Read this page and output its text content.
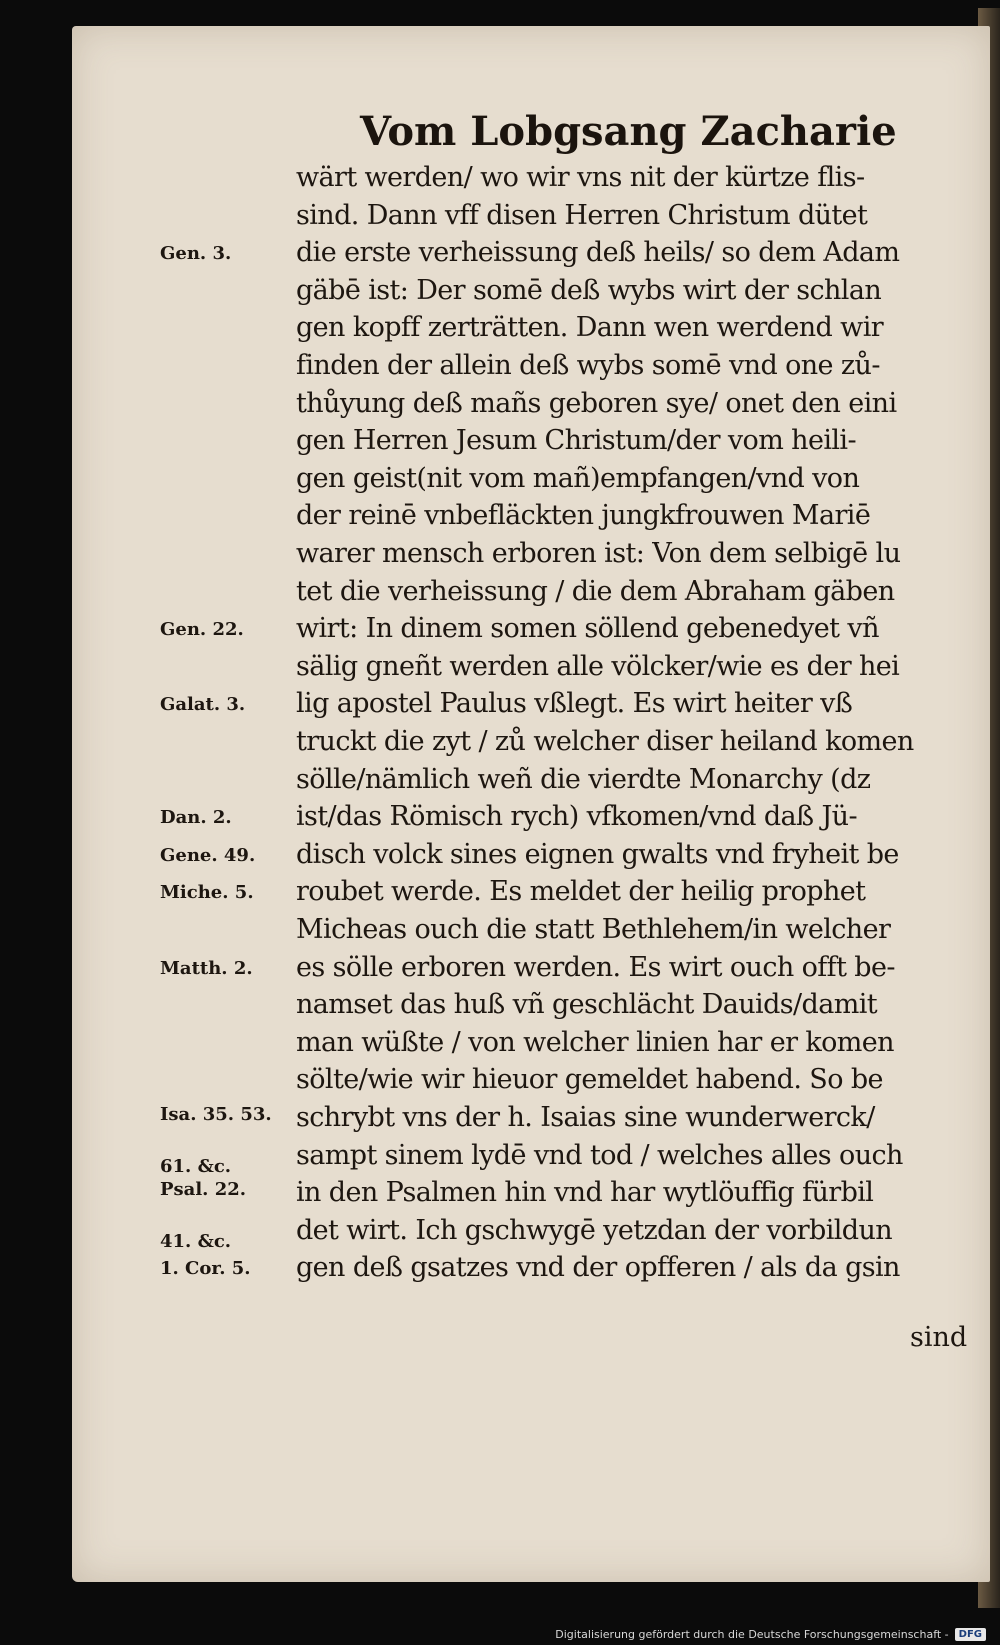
Vom Lobgsang Zacharie
wärt werden/ wo wir vns nit der kürtze flis-
sind. Dann vff disen Herren Christum dütet
die erste verheissung deß heils/ so dem Adam
gäbē ist: Der somē deß wybs wirt der schlan
gen kopff zerträtten. Dann wen werdend wir
finden der allein deß wybs somē vnd one zů-
thůyung deß mañs geboren sye/ onet den eini
gen Herren Jesum Christum/der vom heili-
gen geist(nit vom mañ)empfangen/vnd von
der reinē vnbefläckten jungkfrouwen Mariē
warer mensch erboren ist: Von dem selbigē lu
tet die verheissung / die dem Abraham gäben
wirt: In dinem somen söllend gebenedyet vñ
sälig gneñt werden alle völcker/wie es der hei
lig apostel Paulus vßlegt. Es wirt heiter vß
truckt die zyt / zů welcher diser heiland komen
sölle/nämlich weñ die vierdte Monarchy (dz
ist/das Römisch rych) vfkomen/vnd daß Jü-
disch volck sines eignen gwalts vnd fryheit be
roubet werde. Es meldet der heilig prophet
Micheas ouch die statt Bethlehem/in welcher
es sölle erboren werden. Es wirt ouch offt be-
namset das huß vñ geschlächt Dauids/damit
man wüßte / von welcher linien har er komen
sölte/wie wir hieuor gemeldet habend. So be
schrybt vns der h. Isaias sine wunderwerck/
sampt sinem lydē vnd tod / welches alles ouch
in den Psalmen hin vnd har wytlöuffig fürbil
det wirt. Ich gschwygē yetzdan der vorbildun
gen deß gsatzes vnd der opfferen / als da gsin
sind
Gen. 3.
Gen. 22.
Galat. 3.
Dan. 2.
Gene. 49.
Miche. 5.
Matth. 2.
Isa. 35. 53.
61. &c.
Psal. 22.
41. &c.
1. Cor. 5.
Digitalisierung gefördert durch die Deutsche Forschungsgemeinschaft -	DFG
